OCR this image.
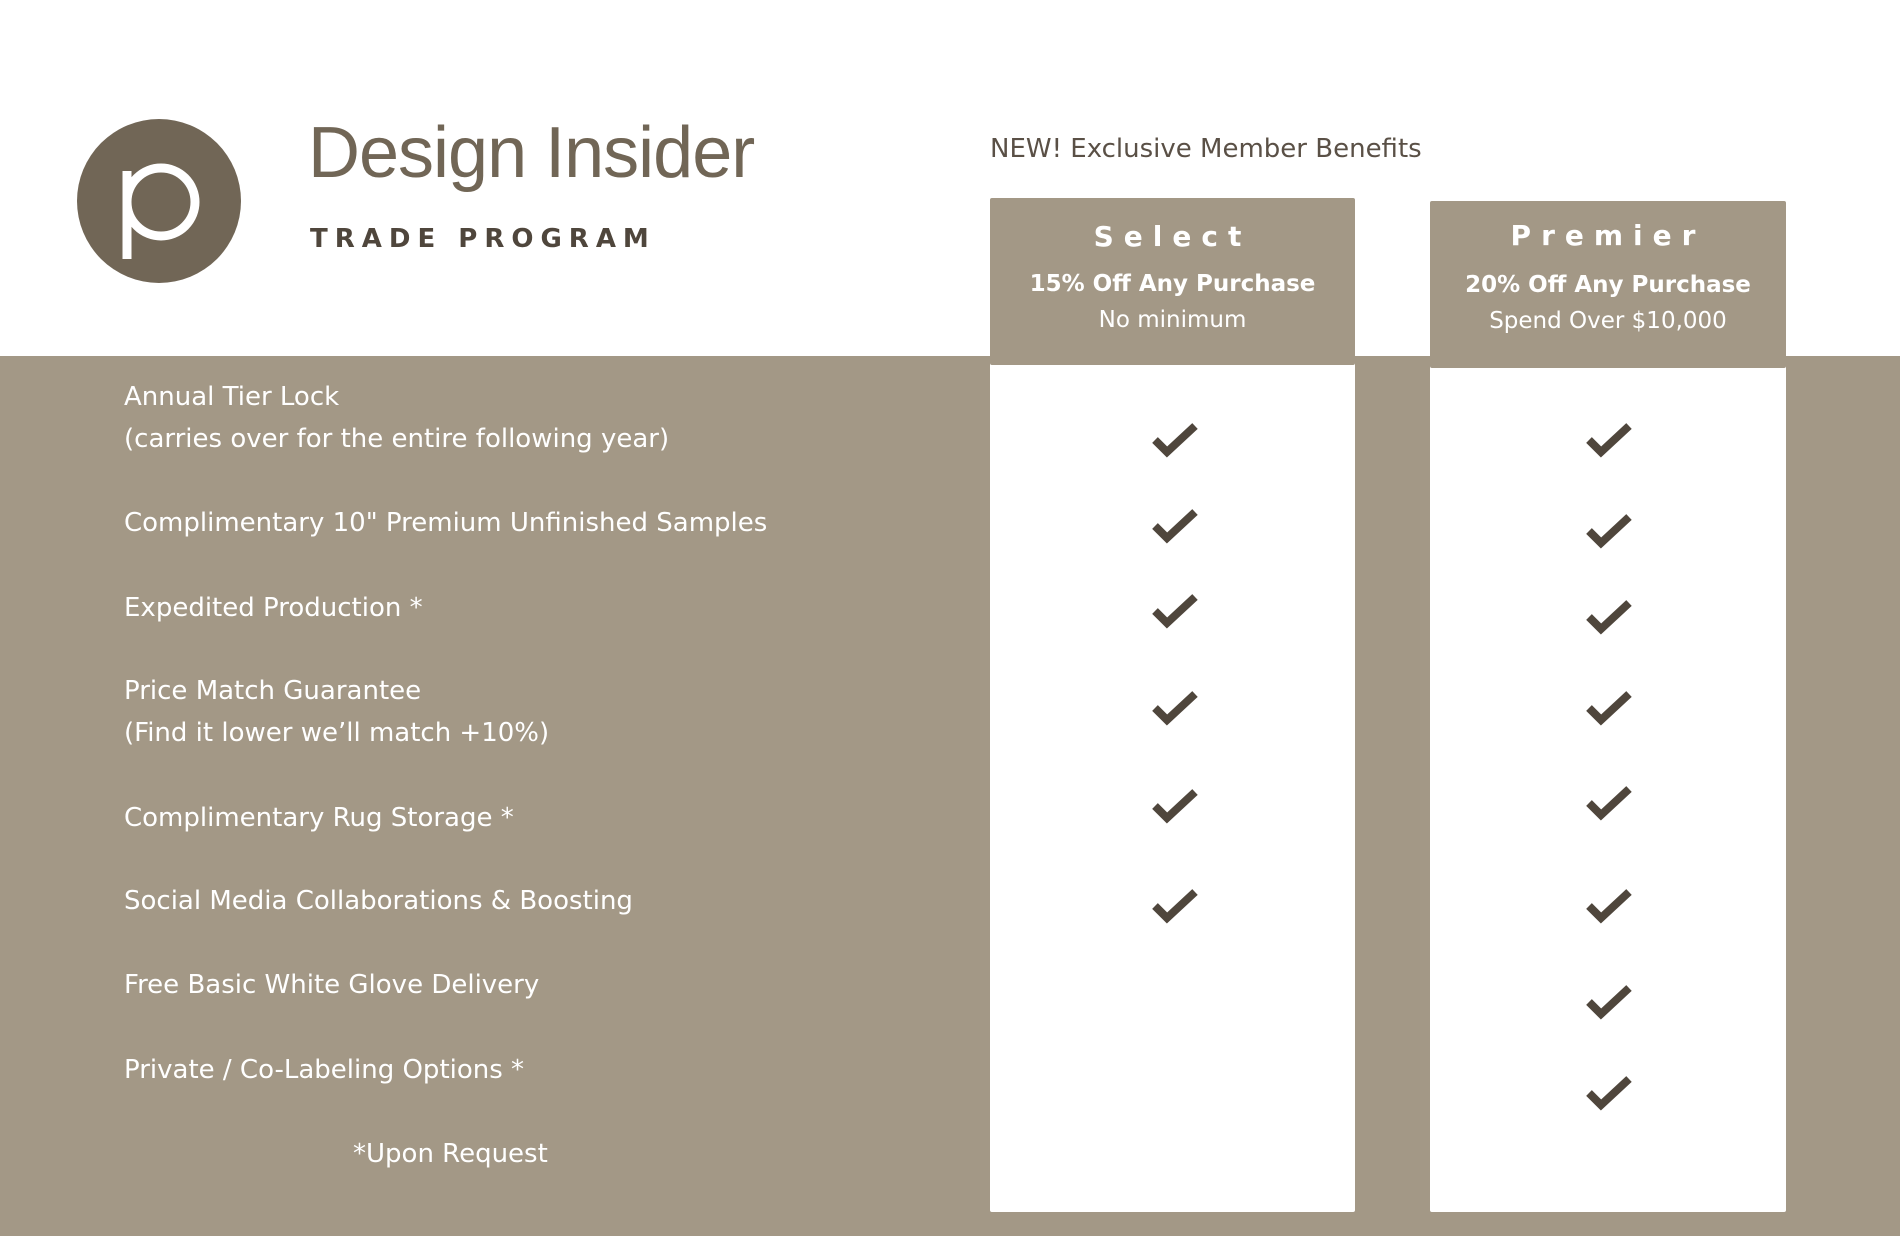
Design Insider
TRADE PROGRAM
NEW! Exclusive Member Benefits
Select
15% Off Any Purchase
No minimum
Premier
20% Off Any Purchase
Spend Over $10,000
Annual Tier Lock
(carries over for the entire following year)
Complimentary 10" Premium Unfinished Samples
Expedited Production *
Price Match Guarantee
(Find it lower we’ll match +10%)
Complimentary Rug Storage *
Social Media Collaborations & Boosting
Free Basic White Glove Delivery
Private / Co-Labeling Options *
*Upon Request
